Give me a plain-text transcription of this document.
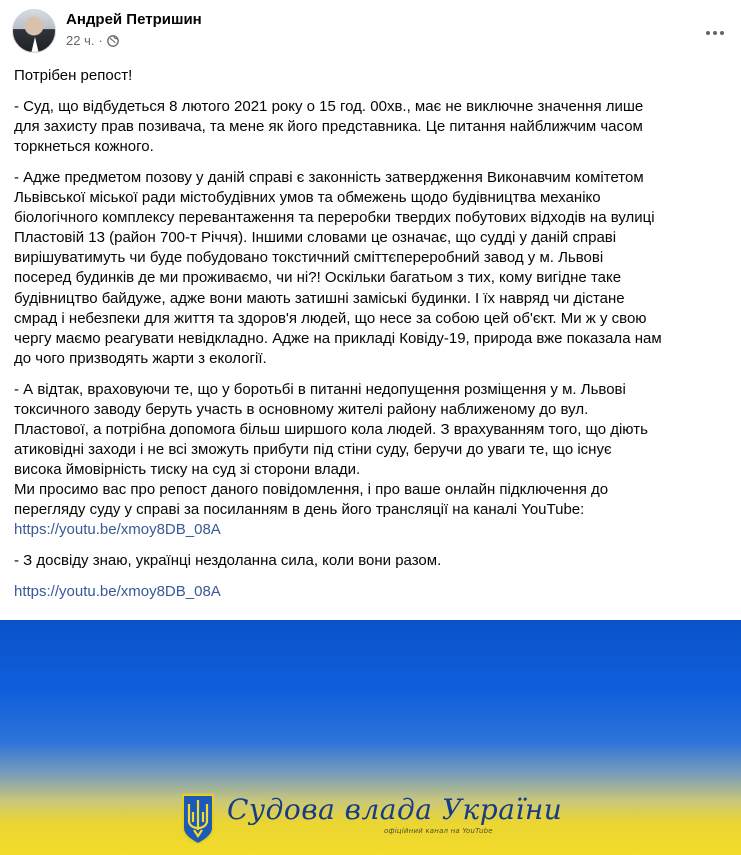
Андрей Петришин
22 ч. ·

Потрібен репост!

- Суд, що відбудеться 8 лютого 2021 року о 15 год. 00хв., має не виключне значення лише
для захисту прав позивача, та мене як його представника. Це питання найближчим часом
торкнеться кожного.

- Адже предметом позову у даній справі є законність затвердження Виконавчим комітетом
Львівської міської ради містобудівних умов та обмежень щодо будівництва механіко
біологічного комплексу перевантаження та переробки твердих побутових відходів на вулиці
Пластовій 13 (район 700-т Річчя). Іншими словами це означає, що судді у даній справі
вирішуватимуть чи буде побудовано токстичний сміттєпереробний завод у м. Львові
посеред будинків де ми проживаємо, чи ні?! Оскільки багатьом з тих, кому вигідне таке
будівництво байдуже, адже вони мають затишні заміські будинки. І їх навряд чи дістане
смрад і небезпеки для життя та здоров'я людей, що несе за собою цей об'єкт. Ми ж у свою
чергу маємо реагувати невідкладно. Адже на прикладі Ковіду-19, природа вже показала нам
до чого призводять жарти з екології.

- А відтак, враховуючи те, що у боротьбі в питанні недопущення розміщення у м. Львові
токсичного заводу беруть участь в основному жителі району наближеному до вул.
Пластової, а потрібна допомога більш ширшого кола людей. З врахуванням того, що діють
атиковідні заходи і не всі зможуть прибути під стіни суду, беручи до уваги те, що існує
висока ймовірність тиску на суд зі сторони влади.
Ми просимо вас про репост даного повідомлення, і про ваше онлайн підключення до
перегляду суду у справі за посиланням в день його трансляції на каналі YouTube:
https://youtu.be/xmoy8DB_08A

- З досвіду знаю, українці нездоланна сила, коли вони разом.

https://youtu.be/xmoy8DB_08A

Судова влада України
офіційний канал на YouTube
